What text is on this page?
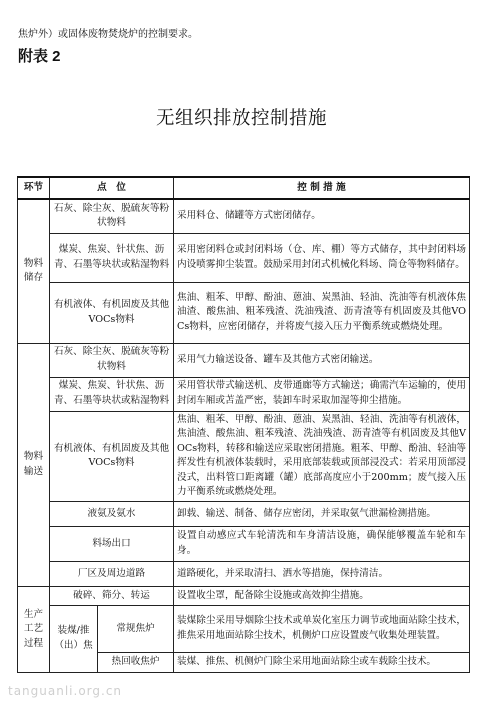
焦炉外）或固体废物焚烧炉的控制要求。
附表 2
无组织排放控制措施
环节	点　位		控 制 措 施
物料储存	石灰、除尘灰、脱硫灰等粉状物料		采用料仓、储罐等方式密闭储存。
	煤炭、焦炭、针状焦、沥青、石墨等块状或粘湿物料		采用密闭料仓或封闭料场（仓、库、棚）等方式储存，其中封闭料场内设喷雾抑尘装置。鼓励采用封闭式机械化料场、筒仓等物料储存。
	有机液体、有机固废及其他VOCs物料		焦油、粗苯、甲醇、酚油、蒽油、炭黑油、轻油、洗油等有机液体焦油渣、酸焦油、粗苯残渣、洗油残渣、沥青渣等有机固废及其他VOCs物料，应密闭储存，并将废气接入压力平衡系统或燃烧处理。
物料输送	石灰、除尘灰、脱硫灰等粉状物料		采用气力输送设备、罐车及其他方式密闭输送。
	煤炭、焦炭、针状焦、沥青、石墨等块状或粘湿物料		采用管状带式输送机、皮带通廊等方式输送；确需汽车运输的，使用封闭车厢或苫盖严密，装卸车时采取加湿等抑尘措施。
	有机液体、有机固废及其他VOCs物料		焦油、粗苯、甲醇、酚油、蒽油、炭黑油、轻油、洗油等有机液体，焦油渣、酸焦油、粗苯残渣、洗油残渣、沥青渣等有机固废及其他VOCs物料，转移和输送应采取密闭措施。粗苯、甲醇、酚油、轻油等挥发性有机液体装载时，采用底部装载或顶部浸没式：若采用顶部浸没式，出料管口距离罐（罐）底部高度应小于200mm；废气接入压力平衡系统或燃烧处理。
	液氨及氨水		卸载、输送、制备、储存应密闭，并采取氨气泄漏检测措施。
	料场出口		设置自动感应式车轮清洗和车身清洁设施，确保能够覆盖车轮和车身。
	厂区及周边道路		道路硬化，并采取清扫、洒水等措施，保持清洁。
生产工艺过程	破碎、筛分、转运		设置收尘罩，配备除尘设施或高效抑尘措施。
	装煤/推（出）焦	常规焦炉	装煤除尘采用导烟除尘技术或单炭化室压力调节或地面站除尘技术，推焦采用地面站除尘技术，机侧炉口应设置废气收集处理装置。
		热回收焦炉	装煤、推焦、机侧炉门除尘采用地面站除尘或车载除尘技术。
tanguanli.org.cn
